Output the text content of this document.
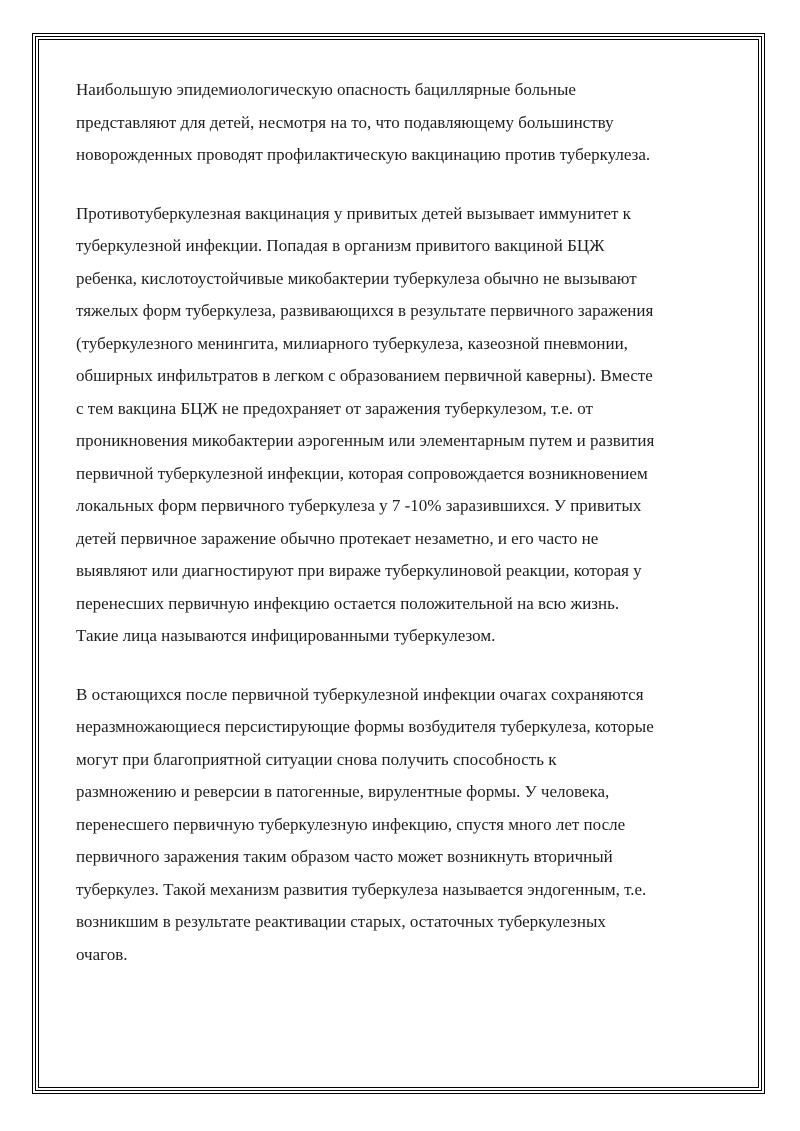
Наибольшую эпидемиологическую опасность бациллярные больные
представляют для детей, несмотря на то, что подавляющему большинству
новорожденных проводят профилактическую вакцинацию против туберкулеза.

Противотуберкулезная вакцинация у привитых детей вызывает иммунитет к
туберкулезной инфекции. Попадая в организм привитого вакциной БЦЖ
ребенка, кислотоустойчивые микобактерии туберкулеза обычно не вызывают
тяжелых форм туберкулеза, развивающихся в результате первичного заражения
(туберкулезного менингита, милиарного туберкулеза, казеозной пневмонии,
обширных инфильтратов в легком с образованием первичной каверны). Вместе
с тем вакцина БЦЖ не предохраняет от заражения туберкулезом, т.е. от
проникновения микобактерии аэрогенным или элементарным путем и развития
первичной туберкулезной инфекции, которая сопровождается возникновением
локальных форм первичного туберкулеза у 7 -10% заразившихся. У привитых
детей первичное заражение обычно протекает незаметно, и его часто не
выявляют или диагностируют при вираже туберкулиновой реакции, которая у
перенесших первичную инфекцию остается положительной на всю жизнь.
Такие лица называются инфицированными туберкулезом.

В остающихся после первичной туберкулезной инфекции очагах сохраняются
неразмножающиеся персистирующие формы возбудителя туберкулеза, которые
могут при благоприятной ситуации снова получить способность к
размножению и реверсии в патогенные, вирулентные формы. У человека,
перенесшего первичную туберкулезную инфекцию, спустя много лет после
первичного заражения таким образом часто может возникнуть вторичный
туберкулез. Такой механизм развития туберкулеза называется эндогенным, т.е.
возникшим в результате реактивации старых, остаточных туберкулезных
очагов.
